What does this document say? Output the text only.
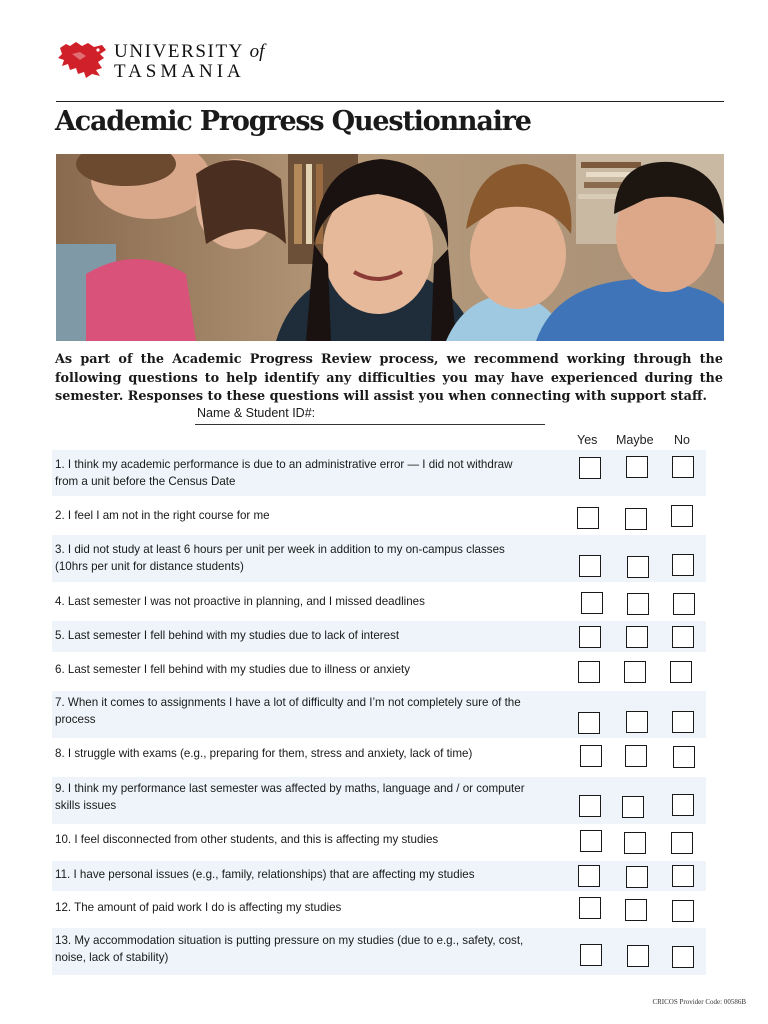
UNIVERSITY of
TASMANIA
Academic Progress Questionnaire

As part of the Academic Progress Review process, we recommend working through the following questions to help identify any difficulties you may have experienced during the semester. Responses to these questions will assist you when connecting with support staff.

Name & Student ID#:
Yes Maybe No
1. I think my academic performance is due to an administrative error — I did not withdraw from a unit before the Census Date
2. I feel I am not in the right course for me
3. I did not study at least 6 hours per unit per week in addition to my on-campus classes (10hrs per unit for distance students)
4. Last semester I was not proactive in planning, and I missed deadlines
5. Last semester I fell behind with my studies due to lack of interest
6. Last semester I fell behind with my studies due to illness or anxiety
7. When it comes to assignments I have a lot of difficulty and I’m not completely sure of the process
8. I struggle with exams (e.g., preparing for them, stress and anxiety, lack of time)
9. I think my performance last semester was affected by maths, language and / or computer skills issues
10. I feel disconnected from other students, and this is affecting my studies
11. I have personal issues (e.g., family, relationships) that are affecting my studies
12. The amount of paid work I do is affecting my studies
13. My accommodation situation is putting pressure on my studies (due to e.g., safety, cost, noise, lack of stability)
CRICOS Provider Code: 00586B
